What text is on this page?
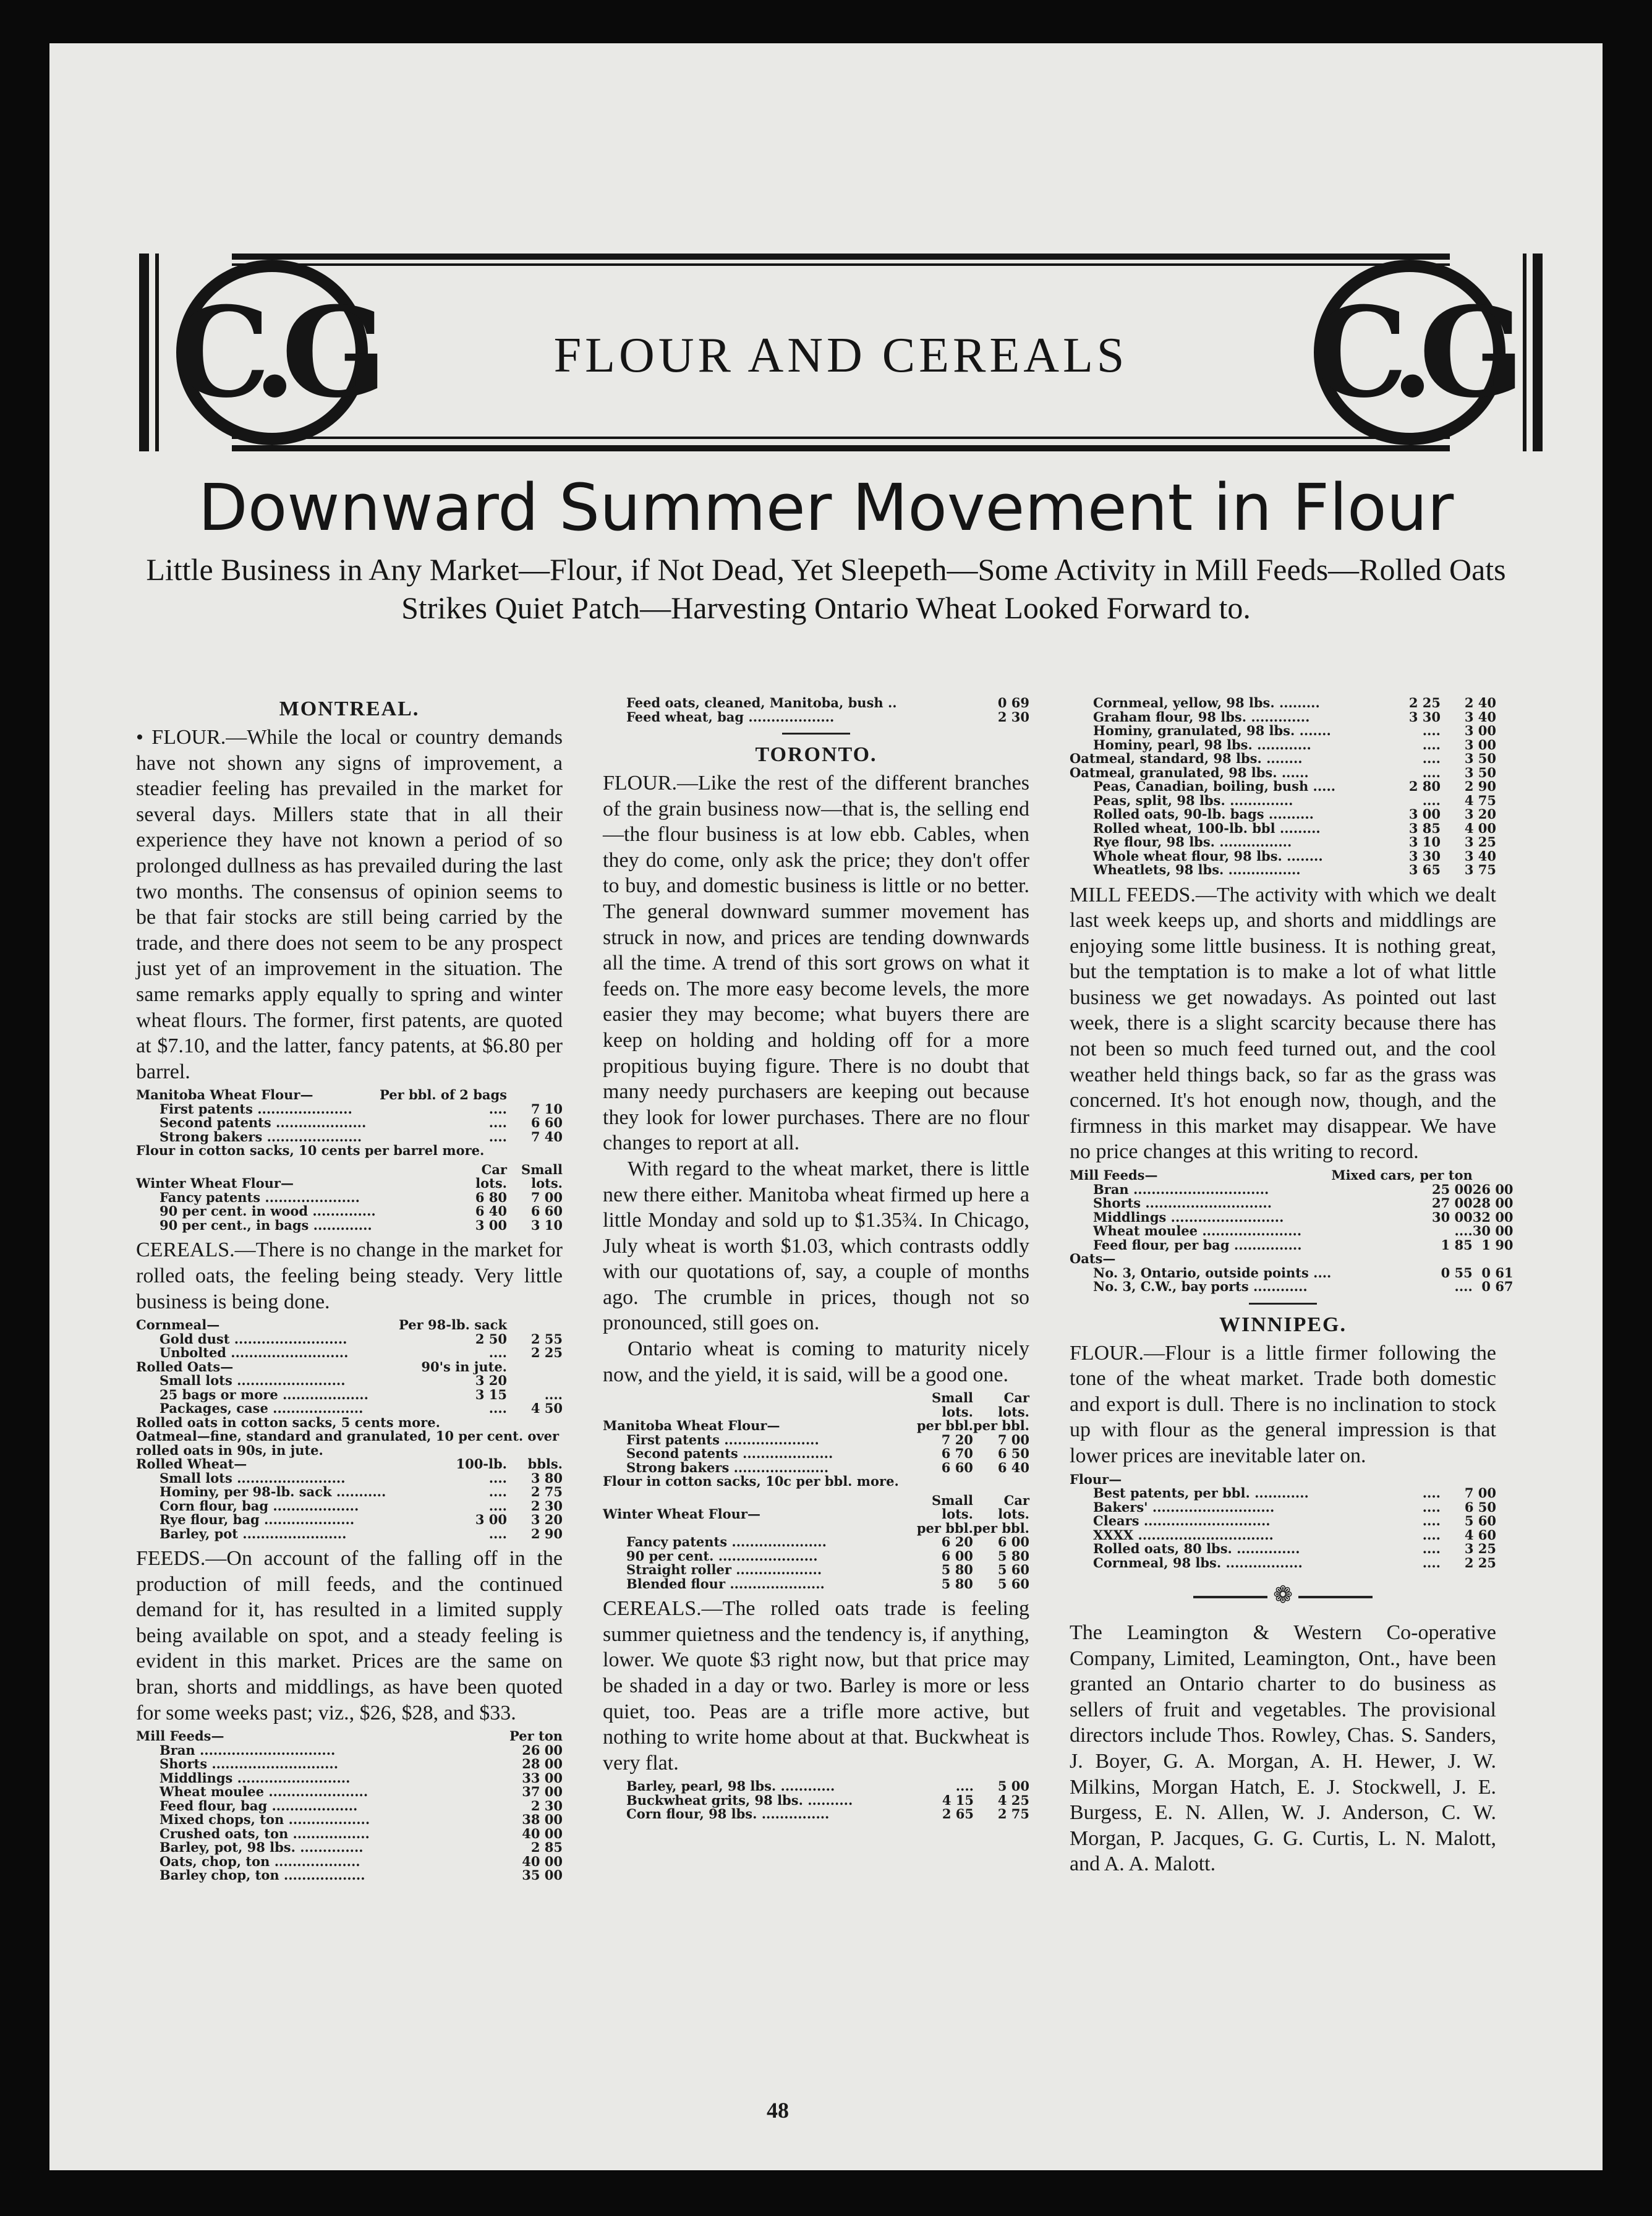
C.G	C.G
FLOUR AND CEREALS
Downward Summer Movement in Flour
Little Business in Any Market—Flour, if Not Dead, Yet Sleepeth—Some Activity in Mill Feeds—Rolled Oats Strikes Quiet Patch—Harvesting Ontario Wheat Looked Forward to.
MONTREAL.

• FLOUR.—While the local or country demands have not shown any signs of improvement, a steadier feeling has prevailed in the market for several days. Millers state that in all their experience they have not known a period of so prolonged dullness as has prevailed during the last two months. The consensus of opinion seems to be that fair stocks are still being carried by the trade, and there does not seem to be any prospect just yet of an improvement in the situation. The same remarks apply equally to spring and winter wheat flours. The former, first patents, are quoted at $7.10, and the latter, fancy patents, at $6.80 per barrel.

Manitoba Wheat Flour—	Per bbl. of 2 bags	
First patents .....................	....	7 10
Second patents ....................	....	6 60
Strong bakers .....................	....	7 40
Flour in cotton sacks, 10 cents per barrel more.		
	Car	Small
Winter Wheat Flour—	lots.	lots.
Fancy patents .....................	6 80	7 00
90 per cent. in wood ..............	6 40	6 60
90 per cent., in bags .............	3 00	3 10

CEREALS.—There is no change in the market for rolled oats, the feeling being steady. Very little business is being done.

Cornmeal—	Per 98-lb. sack	
Gold dust .........................	2 50	2 55
Unbolted ..........................	....	2 25
Rolled Oats—	90's in jute.	
Small lots ........................	3 20	
25 bags or more ...................	3 15	....
Packages, case ....................	....	4 50
Rolled oats in cotton sacks, 5 cents more.		
Oatmeal—fine, standard and granulated, 10 per cent. over rolled oats in 90s, in jute.		
Rolled Wheat—	100-lb.	bbls.
Small lots ........................	....	3 80
Hominy, per 98-lb. sack ...........	....	2 75
Corn flour, bag ...................	....	2 30
Rye flour, bag ....................	3 00	3 20
Barley, pot .......................	....	2 90

FEEDS.—On account of the falling off in the production of mill feeds, and the continued demand for it, has resulted in a limited supply being available on spot, and a steady feeling is evident in this market. Prices are the same on bran, shorts and middlings, as have been quoted for some weeks past; viz., $26, $28, and $33.

Mill Feeds—	Per ton
Bran ..............................	26 00
Shorts ............................	28 00
Middlings .........................	33 00
Wheat moulee ......................	37 00
Feed flour, bag ...................	2 30
Mixed chops, ton ..................	38 00
Crushed oats, ton .................	40 00
Barley, pot, 98 lbs. ..............	2 85
Oats, chop, ton ...................	40 00
Barley chop, ton ..................	35 00
Feed oats, cleaned, Manitoba, bush ..	0 69
Feed wheat, bag ...................	2 30
TORONTO.

FLOUR.—Like the rest of the different branches of the grain business now—that is, the selling end—the flour business is at low ebb. Cables, when they do come, only ask the price; they don't offer to buy, and domestic business is little or no better. The general downward summer movement has struck in now, and prices are tending downwards all the time. A trend of this sort grows on what it feeds on. The more easy become levels, the more easier they may become; what buyers there are keep on holding and holding off for a more propitious buying figure. There is no doubt that many needy purchasers are keeping out because they look for lower purchases. There are no flour changes to report at all.

With regard to the wheat market, there is little new there either. Manitoba wheat firmed up here a little Monday and sold up to $1.35¾. In Chicago, July wheat is worth $1.03, which contrasts oddly with our quotations of, say, a couple of months ago. The crumble in prices, though not so pronounced, still goes on.

Ontario wheat is coming to maturity nicely now, and the yield, it is said, will be a good one.

	Small	Car
	lots.	lots.
Manitoba Wheat Flour—	per bbl.	per bbl.
First patents .....................	7 20	7 00
Second patents ....................	6 70	6 50
Strong bakers .....................	6 60	6 40
Flour in cotton sacks, 10c per bbl. more.		
	Small	Car
Winter Wheat Flour—	lots.	lots.
	per bbl.	per bbl.
Fancy patents .....................	6 20	6 00
90 per cent. ......................	6 00	5 80
Straight roller ...................	5 80	5 60
Blended flour .....................	5 80	5 60

CEREALS.—The rolled oats trade is feeling summer quietness and the tendency is, if anything, lower. We quote $3 right now, but that price may be shaded in a day or two. Barley is more or less quiet, too. Peas are a trifle more active, but nothing to write home about at that. Buckwheat is very flat.

Barley, pearl, 98 lbs. ............	....	5 00
Buckwheat grits, 98 lbs. ..........	4 15	4 25
Corn flour, 98 lbs. ...............	2 65	2 75
Cornmeal, yellow, 98 lbs. .........	2 25	2 40
Graham flour, 98 lbs. .............	3 30	3 40
Hominy, granulated, 98 lbs. .......	....	3 00
Hominy, pearl, 98 lbs. ............	....	3 00
Oatmeal, standard, 98 lbs. ........	....	3 50
Oatmeal, granulated, 98 lbs. ......	....	3 50
Peas, Canadian, boiling, bush .....	2 80	2 90
Peas, split, 98 lbs. ..............	....	4 75
Rolled oats, 90-lb. bags ..........	3 00	3 20
Rolled wheat, 100-lb. bbl .........	3 85	4 00
Rye flour, 98 lbs. ................	3 10	3 25
Whole wheat flour, 98 lbs. ........	3 30	3 40
Wheatlets, 98 lbs. ................	3 65	3 75

MILL FEEDS.—The activity with which we dealt last week keeps up, and shorts and middlings are enjoying some little business. It is nothing great, but the temptation is to make a lot of what little business we get nowadays. As pointed out last week, there is a slight scarcity because there has not been so much feed turned out, and the cool weather held things back, so far as the grass was concerned. It's hot enough now, though, and the firmness in this market may disappear. We have no price changes at this writing to record.

Mill Feeds—	Mixed cars, per ton	
Bran ..............................	25 00	26 00
Shorts ............................	27 00	28 00
Middlings .........................	30 00	32 00
Wheat moulee ......................	....	30 00
Feed flour, per bag ...............	1 85	1 90
Oats—		
No. 3, Ontario, outside points ....	0 55	0 61
No. 3, C.W., bay ports ............	....	0 67
WINNIPEG.

FLOUR.—Flour is a little firmer following the tone of the wheat market. Trade both domestic and export is dull. There is no inclination to stock up with flour as the general impression is that lower prices are inevitable later on.

Flour—		
Best patents, per bbl. ............	....	7 00
Bakers' ...........................	....	6 50
Clears ............................	....	5 60
XXXX ..............................	....	4 60
Rolled oats, 80 lbs. ..............	....	3 25
Cornmeal, 98 lbs. .................	....	2 25
❁

The Leamington & Western Co-operative Company, Limited, Leamington, Ont., have been granted an Ontario charter to do business as sellers of fruit and vegetables. The provisional directors include Thos. Rowley, Chas. S. Sanders, J. Boyer, G. A. Morgan, A. H. Hewer, J. W. Milkins, Morgan Hatch, E. J. Stockwell, J. E. Burgess, E. N. Allen, W. J. Anderson, C. W. Morgan, P. Jacques, G. G. Curtis, L. N. Malott, and A. A. Malott.

48
